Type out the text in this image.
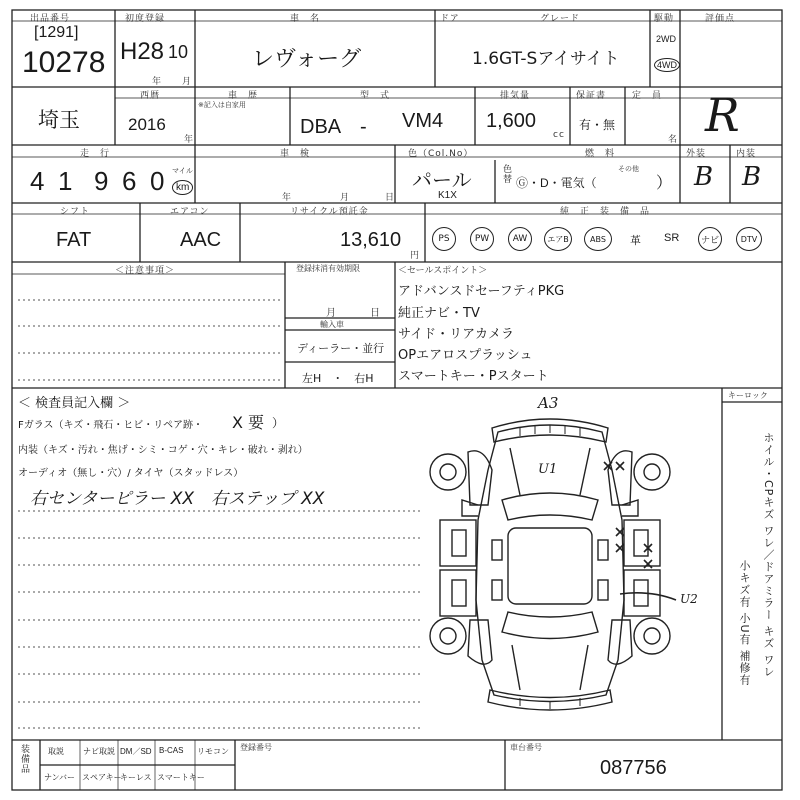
出品番号
[1291]
10278
初度登録
H28 10
年 月
車　名
レヴォーグ
ドア	グレード
1.6GT-Sアイサイト
駆動
2WD
4WD
評価点
R
埼玉
西暦
2016
年
車　歴
※記入は自家用
型　式
DBA　- VM4
排気量
1,600
cc
保証書
有・無
定　員
名
走　行
4 1 9 6 0 マイル
km
車　検
年	月	日
色（Col.No）
パール
K1X
色替
燃　料
Ⓖ・D・電気（
その他
）
外装
B
内装
B
シフト
FAT
エアコン
AAC
リサイクル預託金
13,610
円
純　正　装　備　品
PS	PW	AW	エアB	ABS	革 SR	ナビ	DTV
＜注意事項＞	登録抹消有効期限
月	日
輸入車
ディーラー・並行
左H　・　右H
＜セールスポイント＞
アドバンスドセーフティPKG
純正ナビ・TV
サイド・リアカメラ
OPエアロスプラッシュ
スマートキー・Pスタート
＜ 検査員記入欄 ＞
Fガラス（キズ・飛石・ヒビ・リペア跡・ X 要 ）
内装（キズ・汚れ・焦げ・シミ・コゲ・穴・キレ・破れ・剥れ）
オーディオ（無し・穴）/ タイヤ（スタッドレス）
右センターピラー XX　右ステップ XX
キーロック
A3
U1
U2	ホイル・CPキズ ワレ／ドアミラー キズ ワレ
小キズ有 小U有 補修有
装備品 取説 ナビ取説 DM／SD B-CAS リモコン
ナンバー スペアキー
キーレス スマートキー
登録番号	車台番号
087756
